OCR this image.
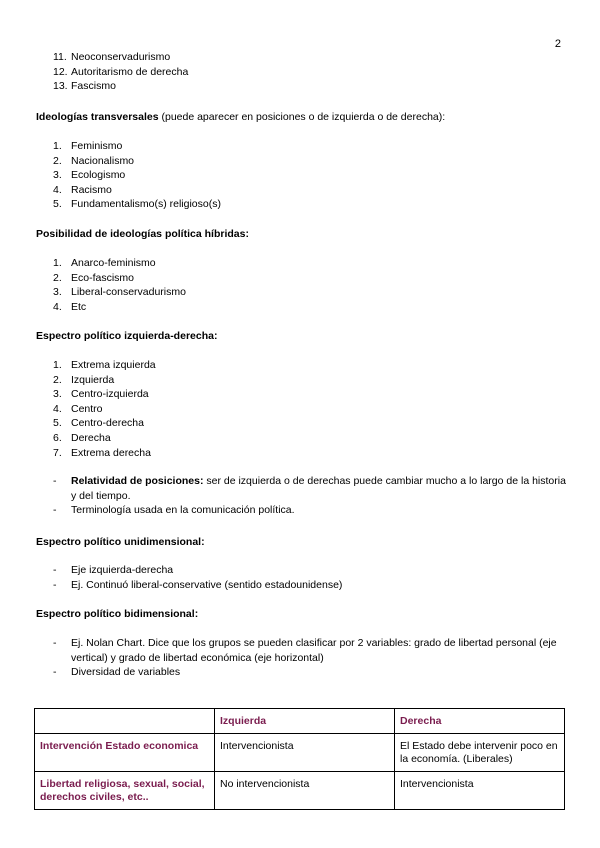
2
11. Neoconservadurismo
12. Autoritarismo de derecha
13. Fascismo

Ideologías transversales (puede aparecer en posiciones o de izquierda o de derecha):

1. Feminismo
2. Nacionalismo
3. Ecologismo
4. Racismo
5. Fundamentalismo(s) religioso(s)

Posibilidad de ideologías política híbridas:

1. Anarco-feminismo
2. Eco-fascismo
3. Liberal-conservadurismo
4. Etc

Espectro político izquierda-derecha:

1. Extrema izquierda
2. Izquierda
3. Centro-izquierda
4. Centro
5. Centro-derecha
6. Derecha
7. Extrema derecha
-	Relatividad de posiciones: ser de izquierda o de derechas puede cambiar mucho a lo largo de la historia y del tiempo.
-	Terminología usada en la comunicación política.

Espectro político unidimensional:

-	Eje izquierda-derecha
-	Ej. Continuó liberal-conservative (sentido estadounidense)

Espectro político bidimensional:

-	Ej. Nolan Chart. Dice que los grupos se pueden clasificar por 2 variables: grado de libertad personal (eje vertical) y grado de libertad económica (eje horizontal)
-	Diversidad de variables
	Izquierda	Derecha
Intervención Estado economica	Intervencionista	El Estado debe intervenir poco en la economía. (Liberales)
Libertad religiosa, sexual, social, derechos civiles, etc..	No intervencionista	Intervencionista
